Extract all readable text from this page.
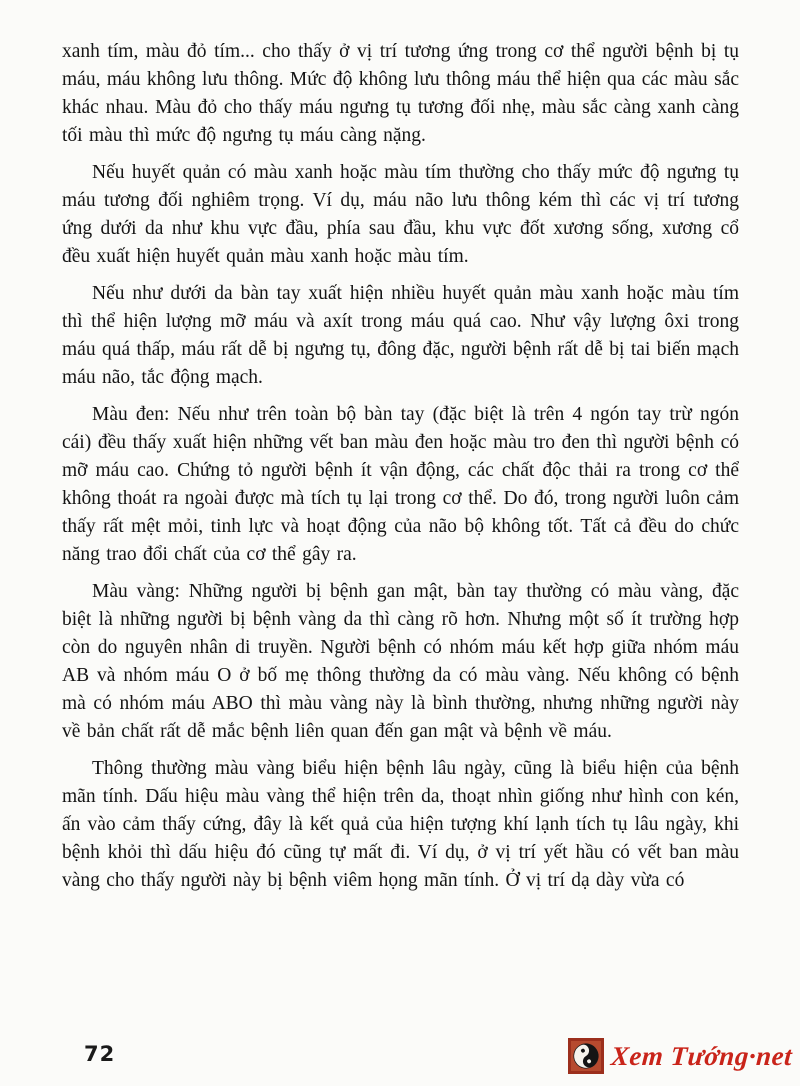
xanh tím, màu đỏ tím... cho thấy ở vị trí tương ứng trong cơ thể người bệnh bị tụ máu, máu không lưu thông. Mức độ không lưu thông máu thể hiện qua các màu sắc khác nhau. Màu đỏ cho thấy máu ngưng tụ tương đối nhẹ, màu sắc càng xanh càng tối màu thì mức độ ngưng tụ máu càng nặng.

Nếu huyết quản có màu xanh hoặc màu tím thường cho thấy mức độ ngưng tụ máu tương đối nghiêm trọng. Ví dụ, máu não lưu thông kém thì các vị trí tương ứng dưới da như khu vực đầu, phía sau đầu, khu vực đốt xương sống, xương cổ đều xuất hiện huyết quản màu xanh hoặc màu tím.

Nếu như dưới da bàn tay xuất hiện nhiều huyết quản màu xanh hoặc màu tím thì thể hiện lượng mỡ máu và axít trong máu quá cao. Như vậy lượng ôxi trong máu quá thấp, máu rất dễ bị ngưng tụ, đông đặc, người bệnh rất dễ bị tai biến mạch máu não, tắc động mạch.

Màu đen: Nếu như trên toàn bộ bàn tay (đặc biệt là trên 4 ngón tay trừ ngón cái) đều thấy xuất hiện những vết ban màu đen hoặc màu tro đen thì người bệnh có mỡ máu cao. Chứng tỏ người bệnh ít vận động, các chất độc thải ra trong cơ thể không thoát ra ngoài được mà tích tụ lại trong cơ thể. Do đó, trong người luôn cảm thấy rất mệt mỏi, tinh lực và hoạt động của não bộ không tốt. Tất cả đều do chức năng trao đổi chất của cơ thể gây ra.

Màu vàng: Những người bị bệnh gan mật, bàn tay thường có màu vàng, đặc biệt là những người bị bệnh vàng da thì càng rõ hơn. Nhưng một số ít trường hợp còn do nguyên nhân di truyền. Người bệnh có nhóm máu kết hợp giữa nhóm máu AB và nhóm máu O ở bố mẹ thông thường da có màu vàng. Nếu không có bệnh mà có nhóm máu ABO thì màu vàng này là bình thường, nhưng những người này về bản chất rất dễ mắc bệnh liên quan đến gan mật và bệnh về máu.

Thông thường màu vàng biểu hiện bệnh lâu ngày, cũng là biểu hiện của bệnh mãn tính. Dấu hiệu màu vàng thể hiện trên da, thoạt nhìn giống như hình con kén, ấn vào cảm thấy cứng, đây là kết quả của hiện tượng khí lạnh tích tụ lâu ngày, khi bệnh khỏi thì dấu hiệu đó cũng tự mất đi. Ví dụ, ở vị trí yết hầu có vết ban màu vàng cho thấy người này bị bệnh viêm họng mãn tính. Ở vị trí dạ dày vừa có

72	Xem Tướng·net
